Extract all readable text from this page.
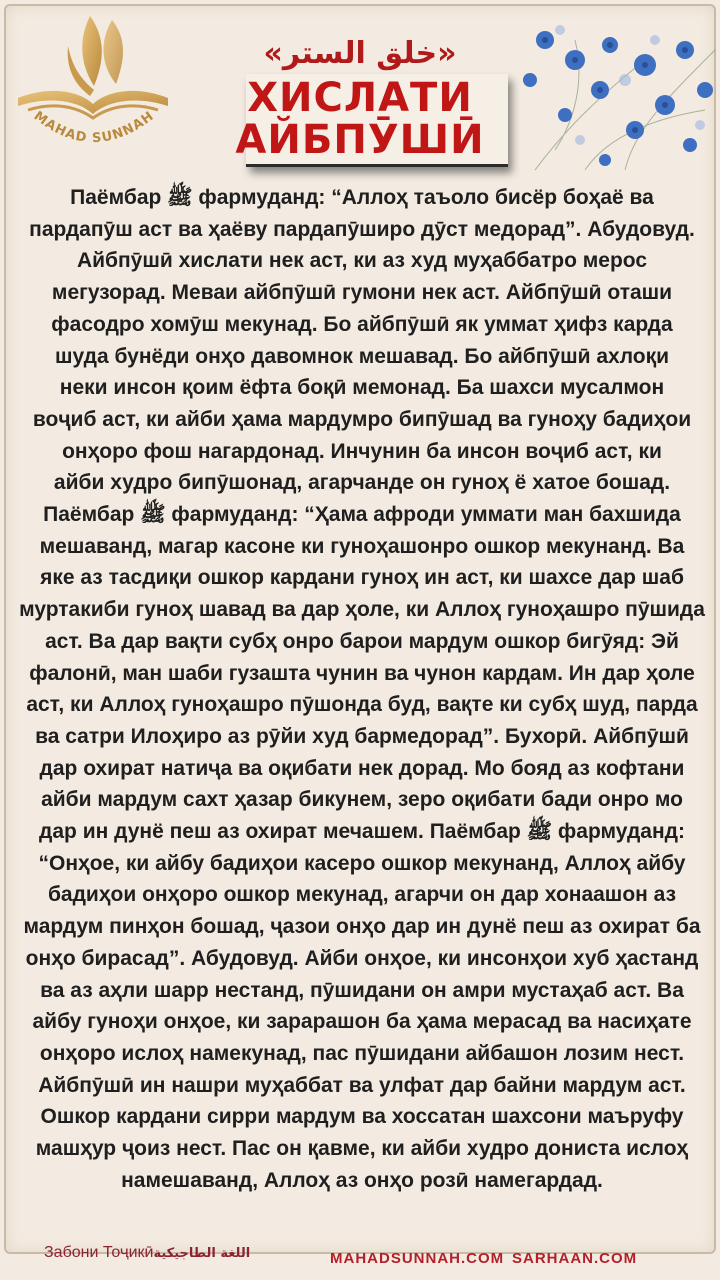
MAHAD SUNNAH
«خلق الستر»
ХИСЛАТИ
АЙБПӮШӢ
Паёмбар ﷺ фармуданд: “Аллоҳ таъоло бисёр боҳаё ва
пардапӯш аст ва ҳаёву пардапӯширо дӯст медорад”. Абудовуд.
Айбпӯшӣ хислати нек аст, ки аз худ муҳаббатро мерос
мегузорад. Меваи айбпӯшӣ гумони нек аст. Айбпӯшӣ оташи
фасодро хомӯш мекунад. Бо айбпӯшӣ як уммат ҳифз карда
шуда бунёди онҳо давомнок мешавад. Бо айбпӯшӣ ахлоқи
неки инсон қоим ёфта боқӣ мемонад. Ба шахси мусалмон
воҷиб аст, ки айби ҳама мардумро бипӯшад ва гуноҳу бадиҳои
онҳоро фош нагардонад. Инчунин ба инсон воҷиб аст, ки
айби худро бипӯшонад, агарчанде он гуноҳ ё хатое бошад.
Паёмбар ﷺ фармуданд: “Ҳама афроди уммати ман бахшида
мешаванд, магар касоне ки гуноҳашонро ошкор мекунанд. Ва
яке аз тасдиқи ошкор кардани гуноҳ ин аст, ки шахсе дар шаб
муртакиби гуноҳ шавад ва дар ҳоле, ки Аллоҳ гуноҳашро пӯшида
аст. Ва дар вақти субҳ онро барои мардум ошкор бигӯяд: Эй
фалонӣ, ман шаби гузашта чунин ва чунон кардам. Ин дар ҳоле
аст, ки Аллоҳ гуноҳашро пӯшонда буд, вақте ки субҳ шуд, парда
ва сатри Илоҳиро аз рӯйи худ бармедорад”. Бухорӣ. Айбпӯшӣ
дар охират натиҷа ва оқибати нек дорад. Мо бояд аз кофтани
айби мардум сахт ҳазар бикунем, зеро оқибати бади онро мо
дар ин дунё пеш аз охират мечашем. Паёмбар ﷺ фармуданд:
“Онҳое, ки айбу бадиҳои касеро ошкор мекунанд, Аллоҳ айбу
бадиҳои онҳоро ошкор мекунад, агарчи он дар хонаашон аз
мардум пинҳон бошад, ҷазои онҳо дар ин дунё пеш аз охират ба
онҳо бирасад”. Абудовуд. Айби онҳое, ки инсонҳои хуб ҳастанд
ва аз аҳли шарр нестанд, пӯшидани он амри мустаҳаб аст. Ва
айбу гуноҳи онҳое, ки зарарашон ба ҳама мерасад ва насиҳате
онҳоро ислоҳ намекунад, пас пӯшидани айбашон лозим нест.
Айбпӯшӣ ин нашри муҳаббат ва улфат дар байни мардум аст.
Ошкор кардани сирри мардум ва хоссатан шахсони маъруфу
машҳур ҷоиз нест. Пас он қавме, ки айби худро дониста ислоҳ
намешаванд, Аллоҳ аз онҳо розӣ намегардад.
Забони Тоҷикӣاللغة الطاجيكية	MAHADSUNNAH.COM SARHAAN.COM
